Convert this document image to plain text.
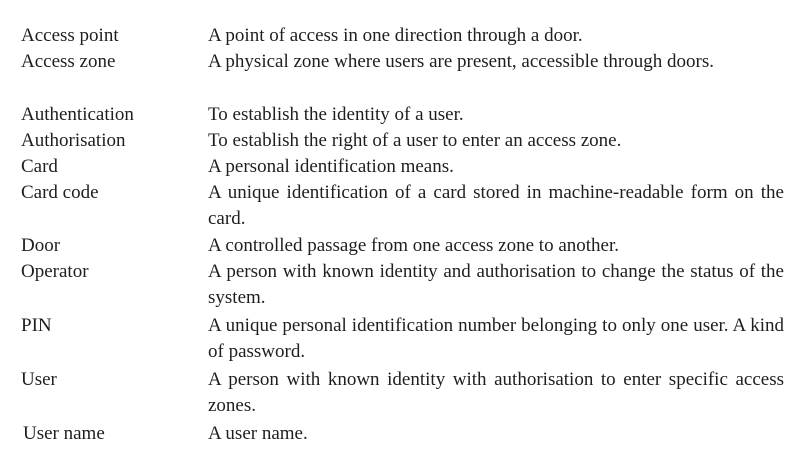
Access point	A point of access in one direction through a door.
Access zone	A physical zone where users are present, accessible through doors.
Authentication	To establish the identity of a user.
Authorisation	To establish the right of a user to enter an access zone.
Card	A personal identification means.
Card code	A unique identification of a card stored in machine-readable form on the card.
Door	A controlled passage from one access zone to another.
Operator	A person with known identity and authorisation to change the status of the system.
PIN	A unique personal identification number belonging to only one user. A kind of password.
User	A person with known identity with authorisation to enter specific access zones.
User name	A user name.
